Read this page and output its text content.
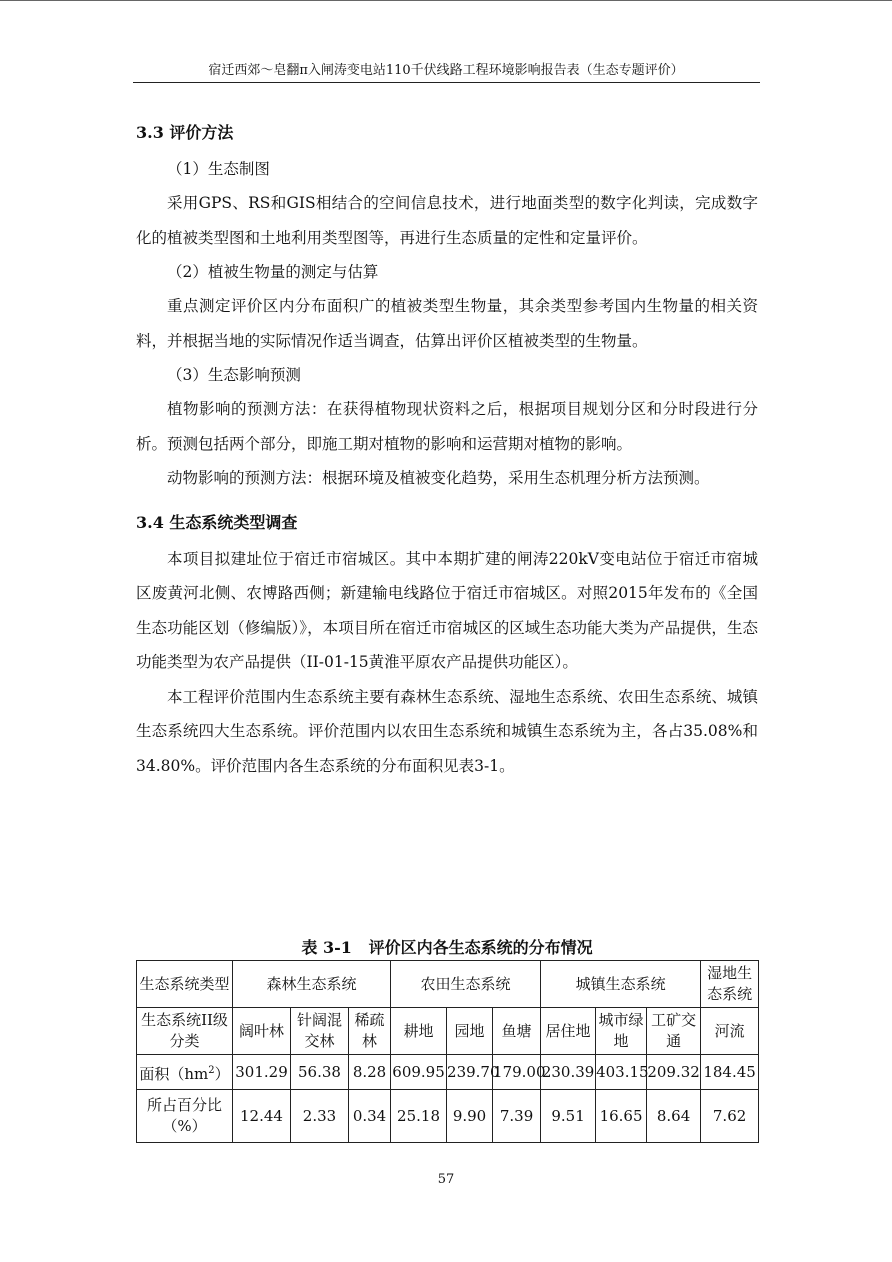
宿迁西郊～皂翻π入闸涛变电站110千伏线路工程环境影响报告表（生态专题评价）
3.3 评价方法
（1）生态制图

采用GPS、RS和GIS相结合的空间信息技术，进行地面类型的数字化判读，完成数字化的植被类型图和土地利用类型图等，再进行生态质量的定性和定量评价。

（2）植被生物量的测定与估算

重点测定评价区内分布面积广的植被类型生物量，其余类型参考国内生物量的相关资料，并根据当地的实际情况作适当调查，估算出评价区植被类型的生物量。

（3）生态影响预测

植物影响的预测方法：在获得植物现状资料之后，根据项目规划分区和分时段进行分析。预测包括两个部分，即施工期对植物的影响和运营期对植物的影响。

动物影响的预测方法：根据环境及植被变化趋势，采用生态机理分析方法预测。

3.4 生态系统类型调查

本项目拟建址位于宿迁市宿城区。其中本期扩建的闸涛220kV变电站位于宿迁市宿城区废黄河北侧、农博路西侧；新建输电线路位于宿迁市宿城区。对照2015年发布的《全国生态功能区划（修编版）》，本项目所在宿迁市宿城区的区域生态功能大类为产品提供，生态功能类型为农产品提供（II-01-15黄淮平原农产品提供功能区）。

本工程评价范围内生态系统主要有森林生态系统、湿地生态系统、农田生态系统、城镇生态系统四大生态系统。评价范围内以农田生态系统和城镇生态系统为主，各占35.08%和34.80%。评价范围内各生态系统的分布面积见表3-1。

表 3-1   评价区内各生态系统的分布情况
生态系统类型	森林生态系统			农田生态系统			城镇生态系统			湿地生态系统
生态系统II级分类	阔叶林	针阔混交林	稀疏林	耕地	园地	鱼塘	居住地	城市绿地	工矿交通	河流
面积$(hm^2)$	301.29	56.38	8.28	609.95	239.70	179.00	230.39	403.15	209.32	184.45
所占百分比（%）	12.44	2.33	0.34	25.18	9.90	7.39	9.51	16.65	8.64	7.62
57
